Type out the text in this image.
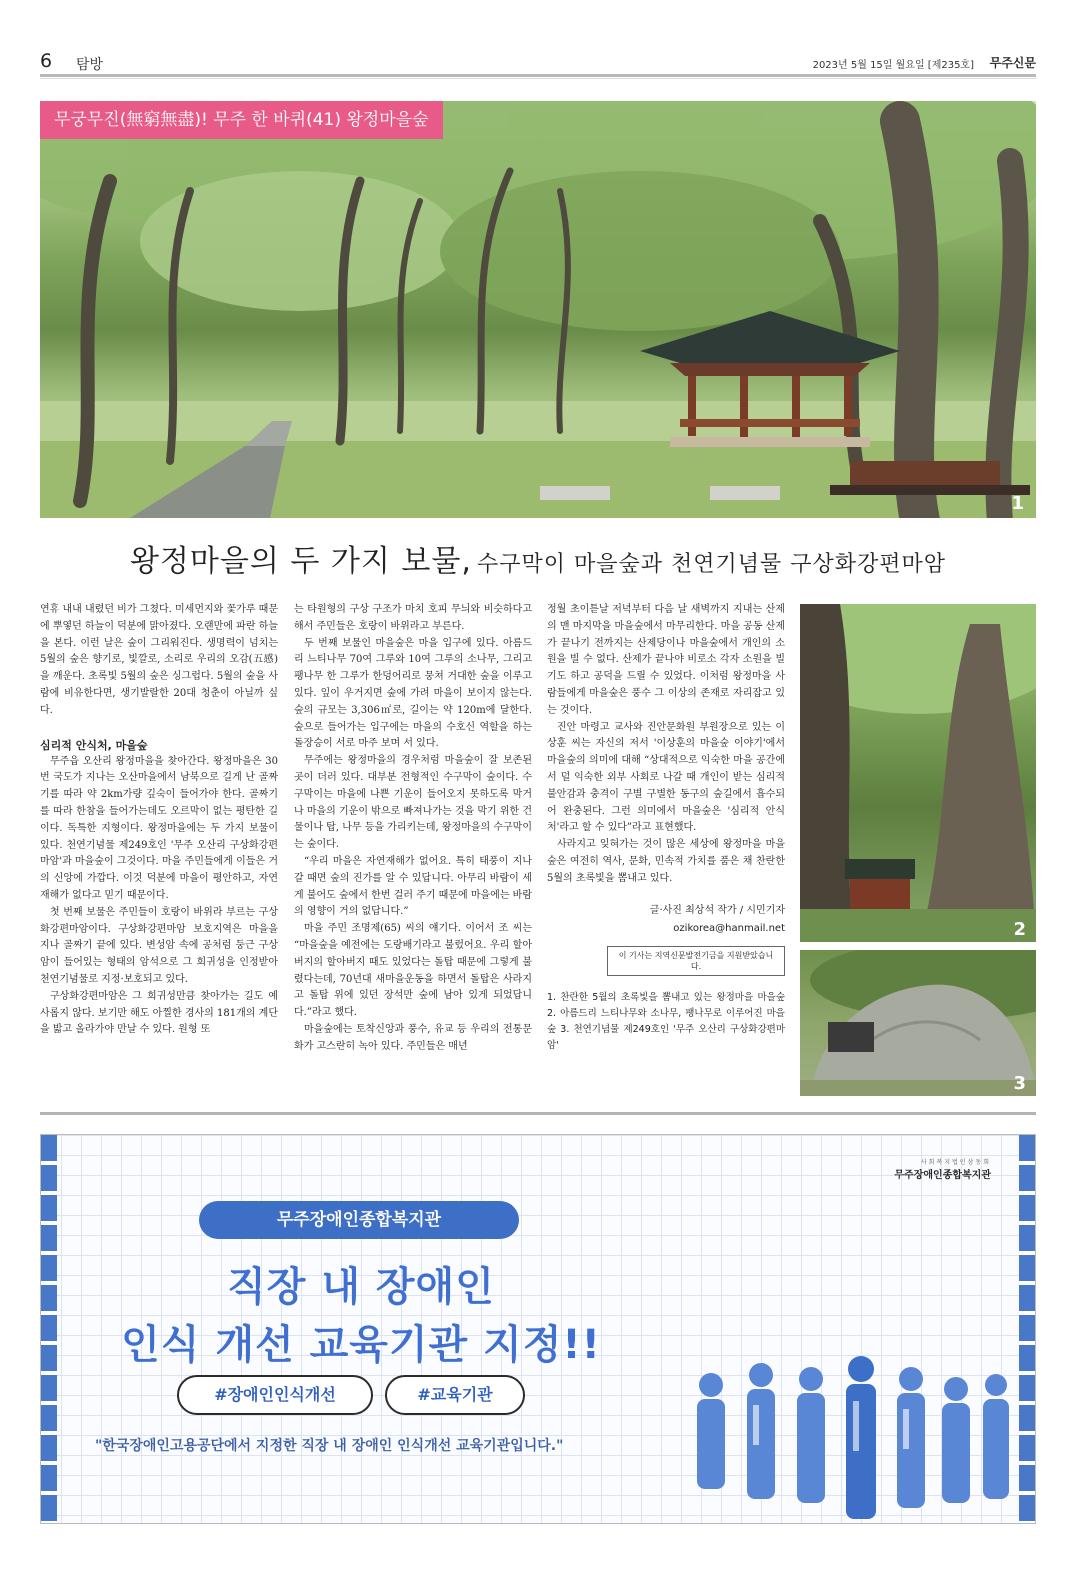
6 탐방	2023년 5월 15일 월요일 [제235호] 무주신문
무궁무진(無窮無盡)! 무주 한 바퀴(41) 왕정마을숲
1
왕정마을의 두 가지 보물, 수구막이 마을숲과 천연기념물 구상화강편마암

연휴 내내 내렸던 비가 그쳤다. 미세먼지와 꽃가루 때문에 뿌옇던 하늘이 덕분에 맑아졌다. 오랜만에 파란 하늘을 본다. 이런 날은 숲이 그리워진다. 생명력이 넘치는 5월의 숲은 향기로, 빛깔로, 소리로 우리의 오감(五感)을 깨운다. 초록빛 5월의 숲은 싱그럽다. 5월의 숲을 사람에 비유한다면, 생기발랄한 20대 청춘이 아닐까 싶다.

심리적 안식처, 마을숲

무주읍 오산리 왕정마을을 찾아간다. 왕정마을은 30번 국도가 지나는 오산마을에서 남북으로 길게 난 골짜기를 따라 약 2km가량 깊숙이 들어가야 한다. 골짜기를 따라 한참을 들어가는데도 오르막이 없는 평탄한 길이다. 독특한 지형이다. 왕정마을에는 두 가지 보물이 있다. 천연기념물 제249호인 '무주 오산리 구상화강편마암'과 마을숲이 그것이다. 마을 주민들에게 이들은 거의 신앙에 가깝다. 이것 덕분에 마을이 평안하고, 자연재해가 없다고 믿기 때문이다.

첫 번째 보물은 주민들이 호랑이 바위라 부르는 구상화강편마암이다. 구상화강편마암 보호지역은 마을을 지나 골짜기 끝에 있다. 변성암 속에 공처럼 둥근 구상암이 들어있는 형태의 암석으로 그 희귀성을 인정받아 천연기념물로 지정·보호되고 있다.

구상화강편마암은 그 희귀성만큼 찾아가는 길도 예사롭지 않다. 보기만 해도 아찔한 경사의 181개의 계단을 밟고 올라가야 만날 수 있다. 원형 또

는 타원형의 구상 구조가 마치 호피 무늬와 비슷하다고 해서 주민들은 호랑이 바위라고 부른다.

두 번째 보물인 마을숲은 마을 입구에 있다. 아름드리 느티나무 70여 그루와 10여 그루의 소나무, 그리고 팽나무 한 그루가 한덩어리로 뭉쳐 거대한 숲을 이루고 있다. 잎이 우거지면 숲에 가려 마을이 보이지 않는다. 숲의 규모는 3,306㎡로, 길이는 약 120m에 달한다. 숲으로 들어가는 입구에는 마을의 수호신 역할을 하는 돌장승이 서로 마주 보며 서 있다.

무주에는 왕정마을의 경우처럼 마을숲이 잘 보존된 곳이 더러 있다. 대부분 전형적인 수구막이 숲이다. 수구막이는 마을에 나쁜 기운이 들어오지 못하도록 막거나 마을의 기운이 밖으로 빠져나가는 것을 막기 위한 건물이나 탑, 나무 등을 가리키는데, 왕정마을의 수구막이는 숲이다.

“우리 마을은 자연재해가 없어요. 특히 태풍이 지나갈 때면 숲의 진가를 알 수 있답니다. 아무리 바람이 세게 불어도 숲에서 한번 걸러 주기 때문에 마을에는 바람의 영향이 거의 없답니다.”

마을 주민 조명제(65) 씨의 얘기다. 이어서 조 씨는 “마을숲을 예전에는 도랑배기라고 불렀어요. 우리 할아버지의 할아버지 때도 있었다는 돌탑 때문에 그렇게 불렸다는데, 70년대 새마을운동을 하면서 돌탑은 사라지고 돌탑 위에 있던 장석만 숲에 남아 있게 되었답니다.”라고 했다.

마을숲에는 토착신앙과 풍수, 유교 등 우리의 전통문화가 고스란히 녹아 있다. 주민들은 매년

정월 초이튿날 저녁부터 다음 날 새벽까지 지내는 산제의 맨 마지막을 마을숲에서 마무리한다. 마을 공동 산제가 끝나기 전까지는 산제당이나 마을숲에서 개인의 소원을 빌 수 없다. 산제가 끝나야 비로소 각자 소원을 빌기도 하고 공덕을 드릴 수 있었다. 이처럼 왕정마을 사람들에게 마을숲은 풍수 그 이상의 존재로 자리잡고 있는 것이다.

진안 마령고 교사와 진안문화원 부원장으로 있는 이상훈 씨는 자신의 저서 '이상훈의 마을숲 이야기'에서 마을숲의 의미에 대해 “상대적으로 익숙한 마을 공간에서 덜 익숙한 외부 사회로 나갈 때 개인이 받는 심리적 불안감과 충격이 구별 구별한 동구의 숲길에서 흡수되어 완충된다. 그런 의미에서 마을숲은 '심리적 안식처'라고 할 수 있다”라고 표현했다.

사라지고 잊혀가는 것이 많은 세상에 왕정마을 마을숲은 여전히 역사, 문화, 민속적 가치를 품은 채 찬란한 5월의 초록빛을 뽐내고 있다.

글·사진 최상석 작가 / 시민기자
ozikorea@hanmail.net
이 기사는 지역신문발전기금을 지원받았습니다.
1. 찬란한 5월의 초록빛을 뽐내고 있는 왕정마을 마을숲 2. 아름드리 느티나무와 소나무, 팽나무로 이루어진 마을숲 3. 천연기념물 제249호인 '무주 오산리 구상화강편마암'
2
3
사회복지법인삼동회
무주장애인종합복지관
무주장애인종합복지관
직장 내 장애인
인식 개선 교육기관 지정!!
#장애인인식개선	#교육기관
"한국장애인고용공단에서 지정한 직장 내 장애인 인식개선 교육기관입니다."
